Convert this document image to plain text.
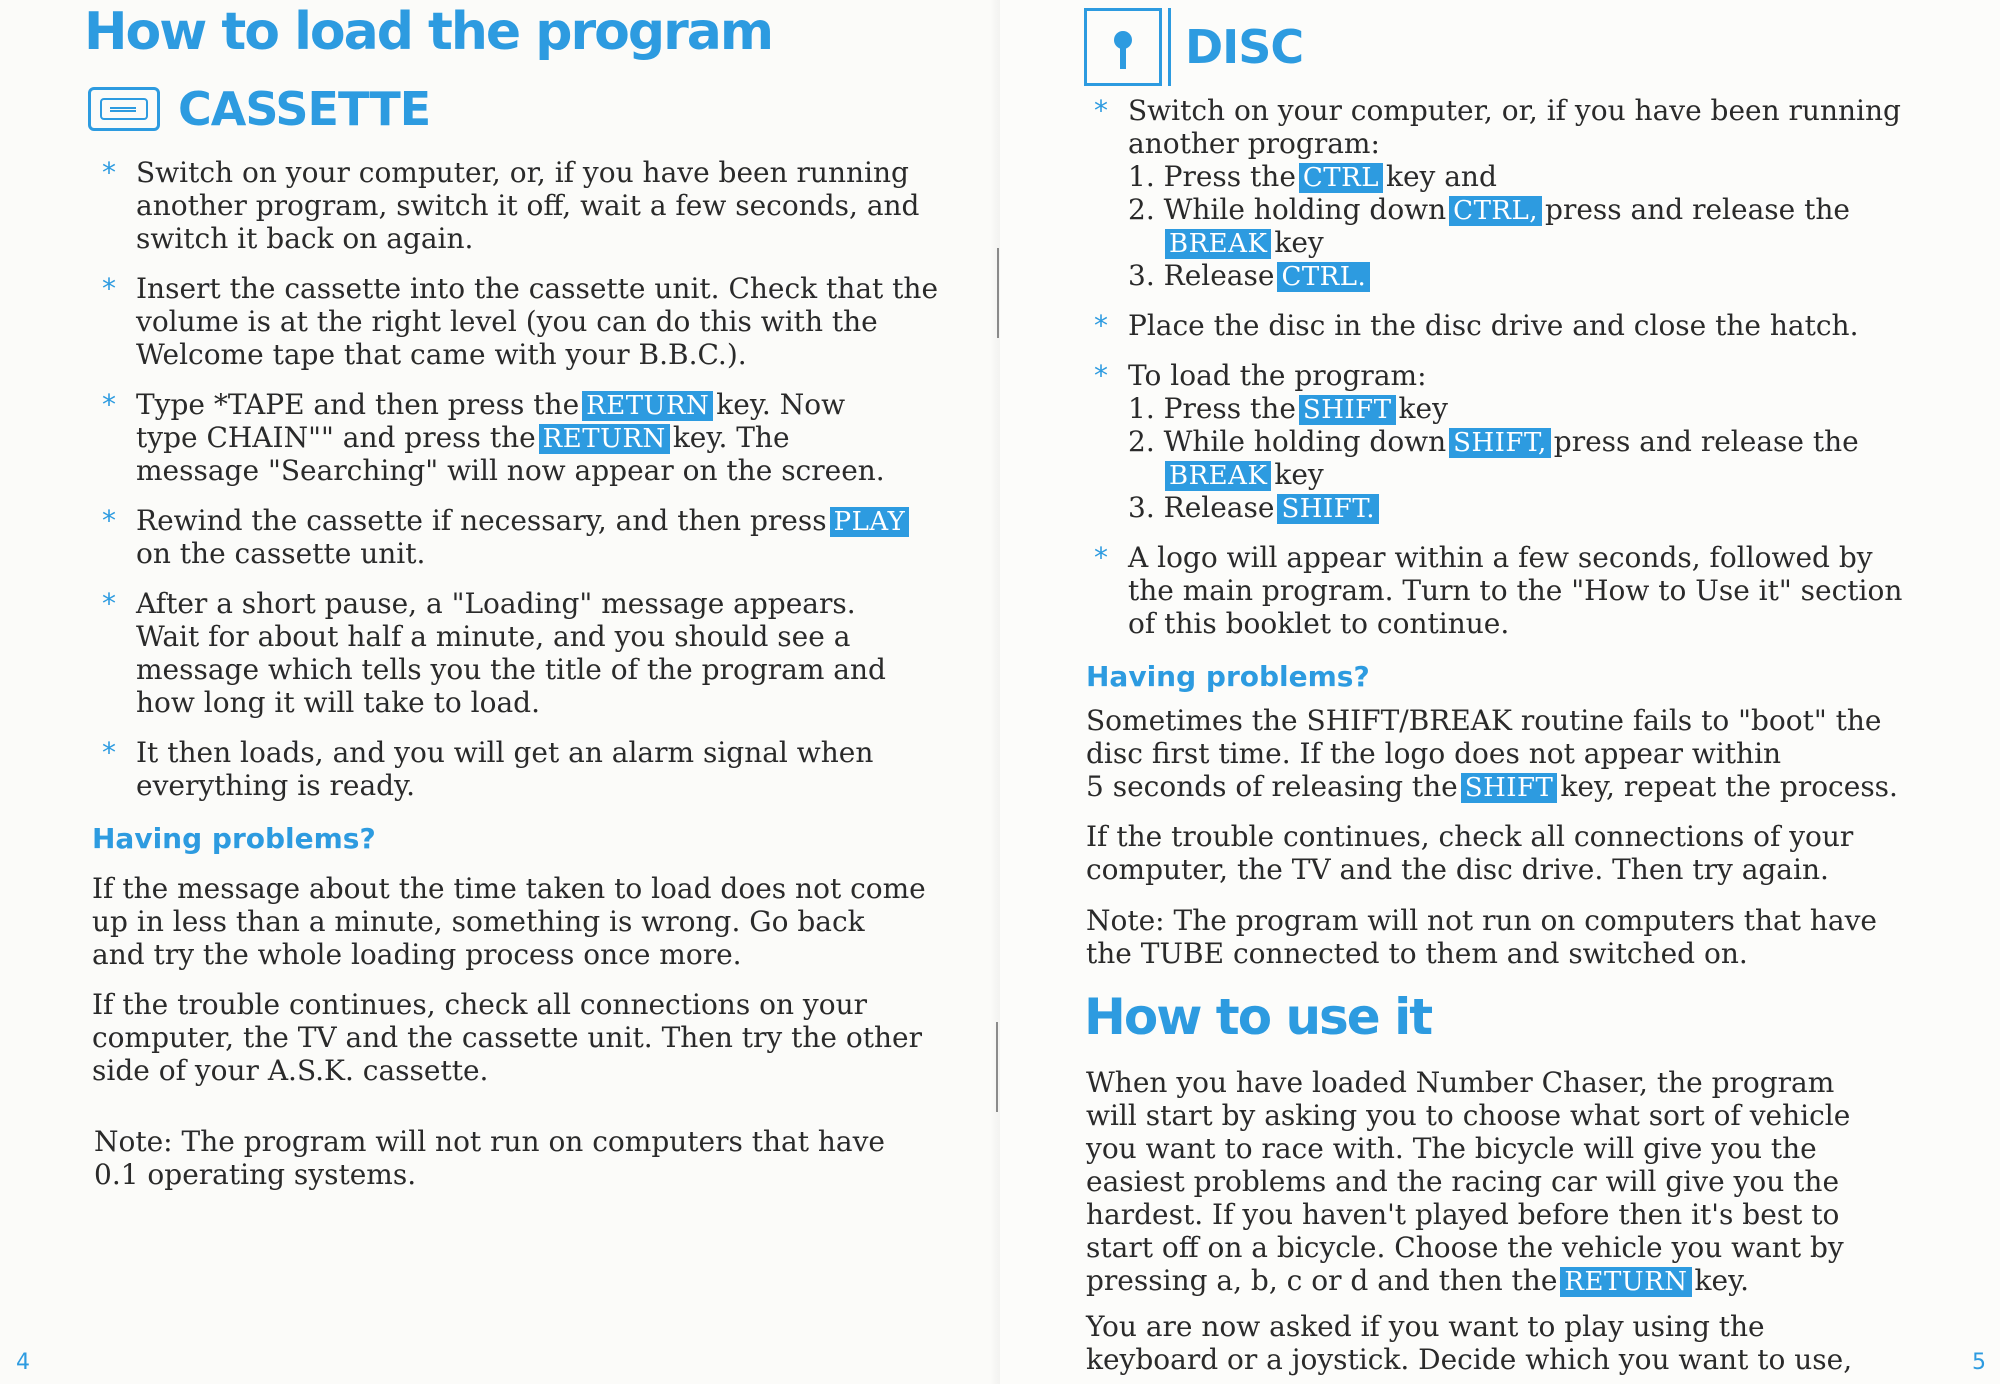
How to load the program
CASSETTE
* Switch on your computer, or, if you have been running
another program, switch it off, wait a few seconds, and
switch it back on again.
* Insert the cassette into the cassette unit. Check that the
volume is at the right level (you can do this with the
Welcome tape that came with your B.B.C.).
* Type *TAPE and then press the RETURN key. Now
type CHAIN"" and press the RETURN key. The
message "Searching" will now appear on the screen.
* Rewind the cassette if necessary, and then press PLAY
on the cassette unit.
* After a short pause, a "Loading" message appears.
Wait for about half a minute, and you should see a
message which tells you the title of the program and
how long it will take to load.
* It then loads, and you will get an alarm signal when
everything is ready.
Having problems?
If the message about the time taken to load does not come
up in less than a minute, something is wrong. Go back
and try the whole loading process once more.
If the trouble continues, check all connections on your
computer, the TV and the cassette unit. Then try the other
side of your A.S.K. cassette.
Note: The program will not run on computers that have
0.1 operating systems.
4
DISC
* Switch on your computer, or, if you have been running
another program:
1. Press the CTRL key and
2. While holding down CTRL, press and release the
BREAK key
3. Release CTRL.
* Place the disc in the disc drive and close the hatch.
* To load the program:
1. Press the SHIFT key
2. While holding down SHIFT, press and release the
BREAK key
3. Release SHIFT.
* A logo will appear within a few seconds, followed by
the main program. Turn to the "How to Use it" section
of this booklet to continue.
Having problems?
Sometimes the SHIFT/BREAK routine fails to "boot" the
disc first time. If the logo does not appear within
5 seconds of releasing the SHIFT key, repeat the process.
If the trouble continues, check all connections of your
computer, the TV and the disc drive. Then try again.
Note: The program will not run on computers that have
the TUBE connected to them and switched on.
How to use it
When you have loaded Number Chaser, the program
will start by asking you to choose what sort of vehicle
you want to race with. The bicycle will give you the
easiest problems and the racing car will give you the
hardest. If you haven't played before then it's best to
start off on a bicycle. Choose the vehicle you want by
pressing a, b, c or d and then the RETURN key.
You are now asked if you want to play using the
keyboard or a joystick. Decide which you want to use,	5
